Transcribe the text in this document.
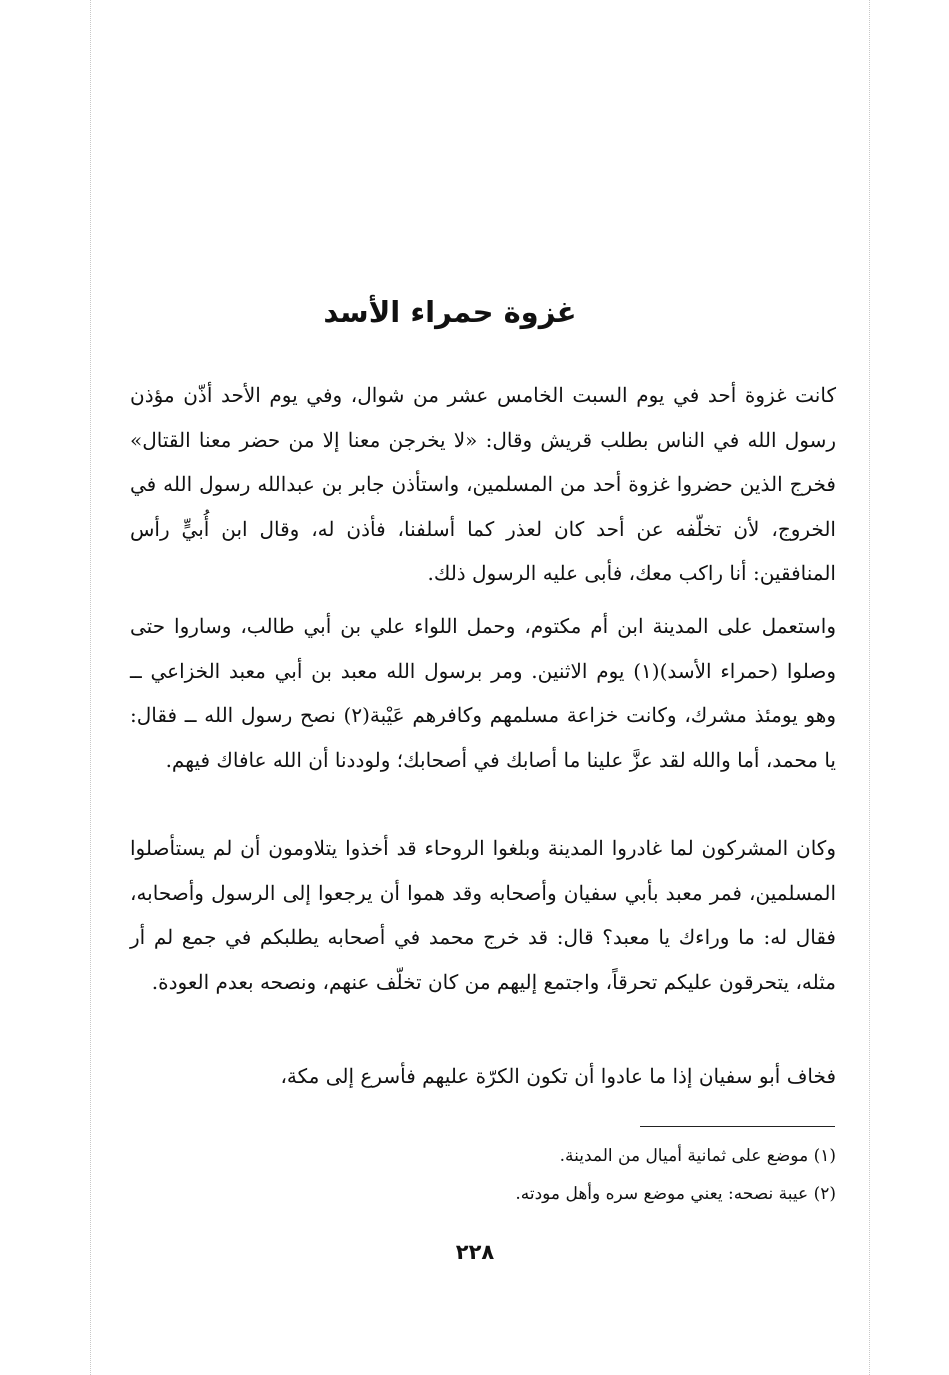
غزوة حمراء الأسد

كانت غزوة أحد في يوم السبت الخامس عشر من شوال، وفي يوم الأحد أذّن مؤذن رسول الله في الناس بطلب قريش وقال: «لا يخرجن معنا إلا من حضر معنا القتال» فخرج الذين حضروا غزوة أحد من المسلمين، واستأذن جابر بن عبدالله رسول الله في الخروج، لأن تخلّفه عن أحد كان لعذر كما أسلفنا، فأذن له، وقال ابن أُبيٍّ رأس المنافقين: أنا راكب معك، فأبى عليه الرسول ذلك.

واستعمل على المدينة ابن أم مكتوم، وحمل اللواء علي بن أبي طالب، وساروا حتى وصلوا (حمراء الأسد)(١) يوم الاثنين. ومر برسول الله معبد بن أبي معبد الخزاعي ــ وهو يومئذ مشرك، وكانت خزاعة مسلمهم وكافرهم عَيْبة(٢) نصح رسول الله ــ فقال: يا محمد، أما والله لقد عزَّ علينا ما أصابك في أصحابك؛ ولوددنا أن الله عافاك فيهم.

وكان المشركون لما غادروا المدينة وبلغوا الروحاء قد أخذوا يتلاومون أن لم يستأصلوا المسلمين، فمر معبد بأبي سفيان وأصحابه وقد هموا أن يرجعوا إلى الرسول وأصحابه، فقال له: ما وراءك يا معبد؟ قال: قد خرج محمد في أصحابه يطلبكم في جمع لم أر مثله، يتحرقون عليكم تحرقاً، واجتمع إليهم من كان تخلّف عنهم، ونصحه بعدم العودة.

فخاف أبو سفيان إذا ما عادوا أن تكون الكرّة عليهم فأسرع إلى مكة،

(١) موضع على ثمانية أميال من المدينة.
(٢) عيبة نصحه: يعني موضع سره وأهل مودته.
٢٢٨
